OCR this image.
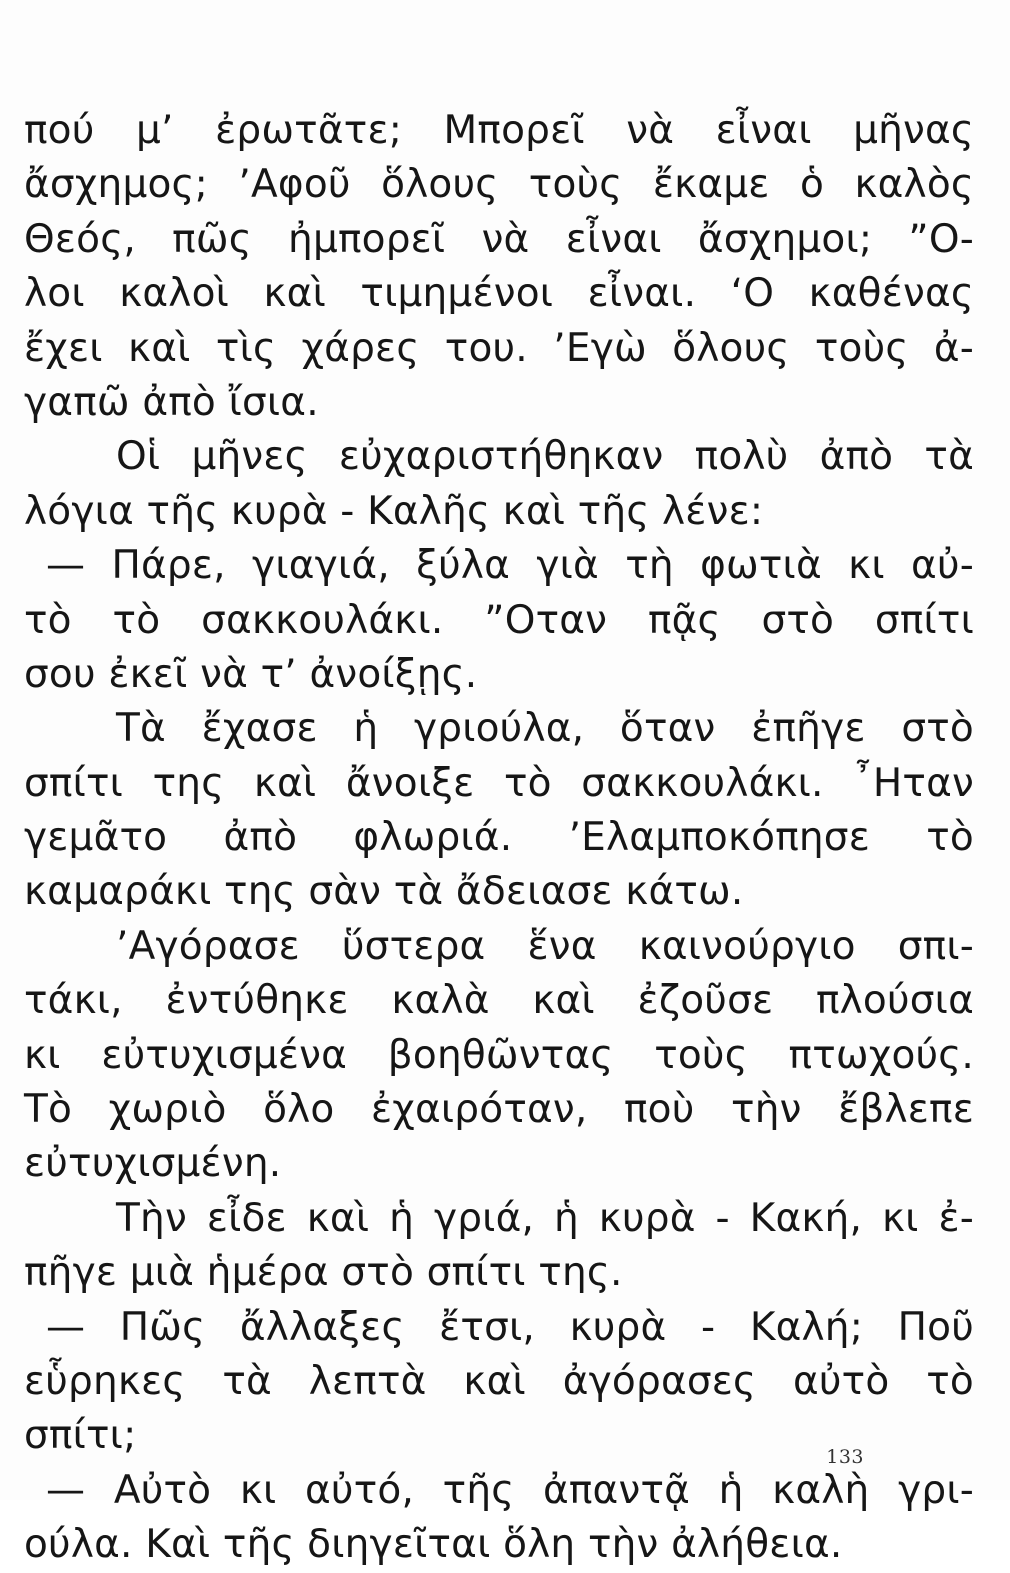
πού μ’ ἐρωτᾶτε; Μπορεῖ νὰ εἶναι μῆνας
ἄσχημος; ’Αφοῦ ὅλους τοὺς ἔκαμε ὁ καλὸς
Θεός, πῶς ἠμπορεῖ νὰ εἶναι ἄσχημοι; ”Ο-
λοι καλοὶ καὶ τιμημένοι εἶναι. ‘Ο καθένας
ἔχει καὶ τὶς χάρες του. ’Εγὼ ὅλους τοὺς ἀ-
γαπῶ ἀπὸ ἴσια.
Οἱ μῆνες εὐχαριστήθηκαν πολὺ ἀπὸ τὰ
λόγια τῆς κυρὰ - Καλῆς καὶ τῆς λένε:
— Πάρε, γιαγιά, ξύλα γιὰ τὴ φωτιὰ κι αὐ-
τὸ τὸ σακκουλάκι. ”Οταν πᾷς στὸ σπίτι
σου ἐκεῖ νὰ τ’ ἀνοίξῃς.
Τὰ ἔχασε ἡ γριούλα, ὅταν ἐπῆγε στὸ
σπίτι της καὶ ἄνοιξε τὸ σακκουλάκι. ῏Ηταν
γεμᾶτο ἀπὸ φλωριά. ’Ελαμποκόπησε τὸ
καμαράκι της σὰν τὰ ἄδειασε κάτω.
’Αγόρασε ὕστερα ἕνα καινούργιο σπι-
τάκι, ἐντύθηκε καλὰ καὶ ἐζοῦσε πλούσια
κι εὐτυχισμένα βοηθῶντας τοὺς πτωχούς.
Τὸ χωριὸ ὅλο ἐχαιρόταν, ποὺ τὴν ἔβλεπε
εὐτυχισμένη.
Τὴν εἶδε καὶ ἡ γριά, ἡ κυρὰ - Κακή, κι ἐ-
πῆγε μιὰ ἡμέρα στὸ σπίτι της.
— Πῶς ἄλλαξες ἔτσι, κυρὰ - Καλή; Ποῦ
εὗρηκες τὰ λεπτὰ καὶ ἀγόρασες αὐτὸ τὸ
σπίτι;
— Αὐτὸ κι αὐτό, τῆς ἀπαντᾷ ἡ καλὴ γρι-
ούλα. Καὶ τῆς διηγεῖται ὅλη τὴν ἀλήθεια.
133
